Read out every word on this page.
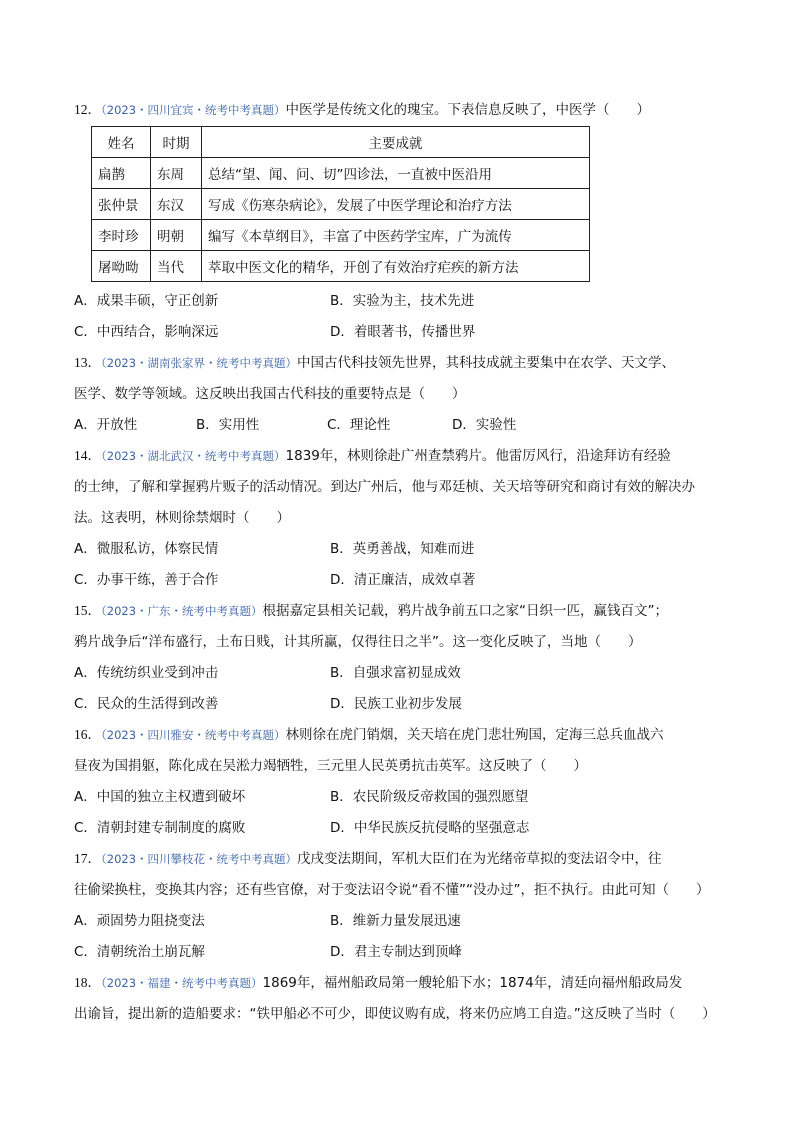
12．（2023・四川宜宾・统考中考真题）中医学是传统文化的瑰宝。下表信息反映了，中医学（　　）
姓名	时期	主要成就
扁鹊	东周	总结“望、闻、问、切”四诊法，一直被中医沿用
张仲景	东汉	写成《伤寒杂病论》，发展了中医学理论和治疗方法
李时珍	明朝	编写《本草纲目》，丰富了中医药学宝库，广为流传
屠呦呦	当代	萃取中医文化的精华，开创了有效治疗疟疾的新方法
A．成果丰硕，守正创新	B．实验为主，技术先进
C．中西结合，影响深远	D．着眼著书，传播世界
13．（2023・湖南张家界・统考中考真题）中国古代科技领先世界，其科技成就主要集中在农学、天文学、
医学、数学等领域。这反映出我国古代科技的重要特点是（　　）
A．开放性	B．实用性	C．理论性	D．实验性
14．（2023・湖北武汉・统考中考真题）1839年，林则徐赴广州查禁鸦片。他雷厉风行，沿途拜访有经验
的士绅，了解和掌握鸦片贩子的活动情况。到达广州后，他与邓廷桢、关天培等研究和商讨有效的解决办
法。这表明，林则徐禁烟时（　　）
A．微服私访，体察民情	B．英勇善战，知难而进
C．办事干练，善于合作	D．清正廉洁，成效卓著
15．（2023・广东・统考中考真题）根据嘉定县相关记载，鸦片战争前五口之家“日织一匹，赢钱百文”；
鸦片战争后“洋布盛行，土布日贱，计其所赢，仅得往日之半”。这一变化反映了，当地（　　）
A．传统纺织业受到冲击	B．自强求富初显成效
C．民众的生活得到改善	D．民族工业初步发展
16．（2023・四川雅安・统考中考真题）林则徐在虎门销烟，关天培在虎门悲壮殉国，定海三总兵血战六
昼夜为国捐躯，陈化成在吴淞力竭牺牲，三元里人民英勇抗击英军。这反映了（　　）
A．中国的独立主权遭到破坏	B．农民阶级反帝救国的强烈愿望
C．清朝封建专制制度的腐败	D．中华民族反抗侵略的坚强意志
17．（2023・四川攀枝花・统考中考真题）戊戌变法期间，军机大臣们在为光绪帝草拟的变法诏令中，往
往偷梁换柱，变换其内容；还有些官僚，对于变法诏令说“看不懂”“没办过”，拒不执行。由此可知（　　）
A．顽固势力阻挠变法	B．维新力量发展迅速
C．清朝统治土崩瓦解	D．君主专制达到顶峰
18．（2023・福建・统考中考真题）1869年，福州船政局第一艘轮船下水；1874年，清廷向福州船政局发
出谕旨，提出新的造船要求：“铁甲船必不可少，即使议购有成，将来仍应鸠工自造。”这反映了当时（　　）
